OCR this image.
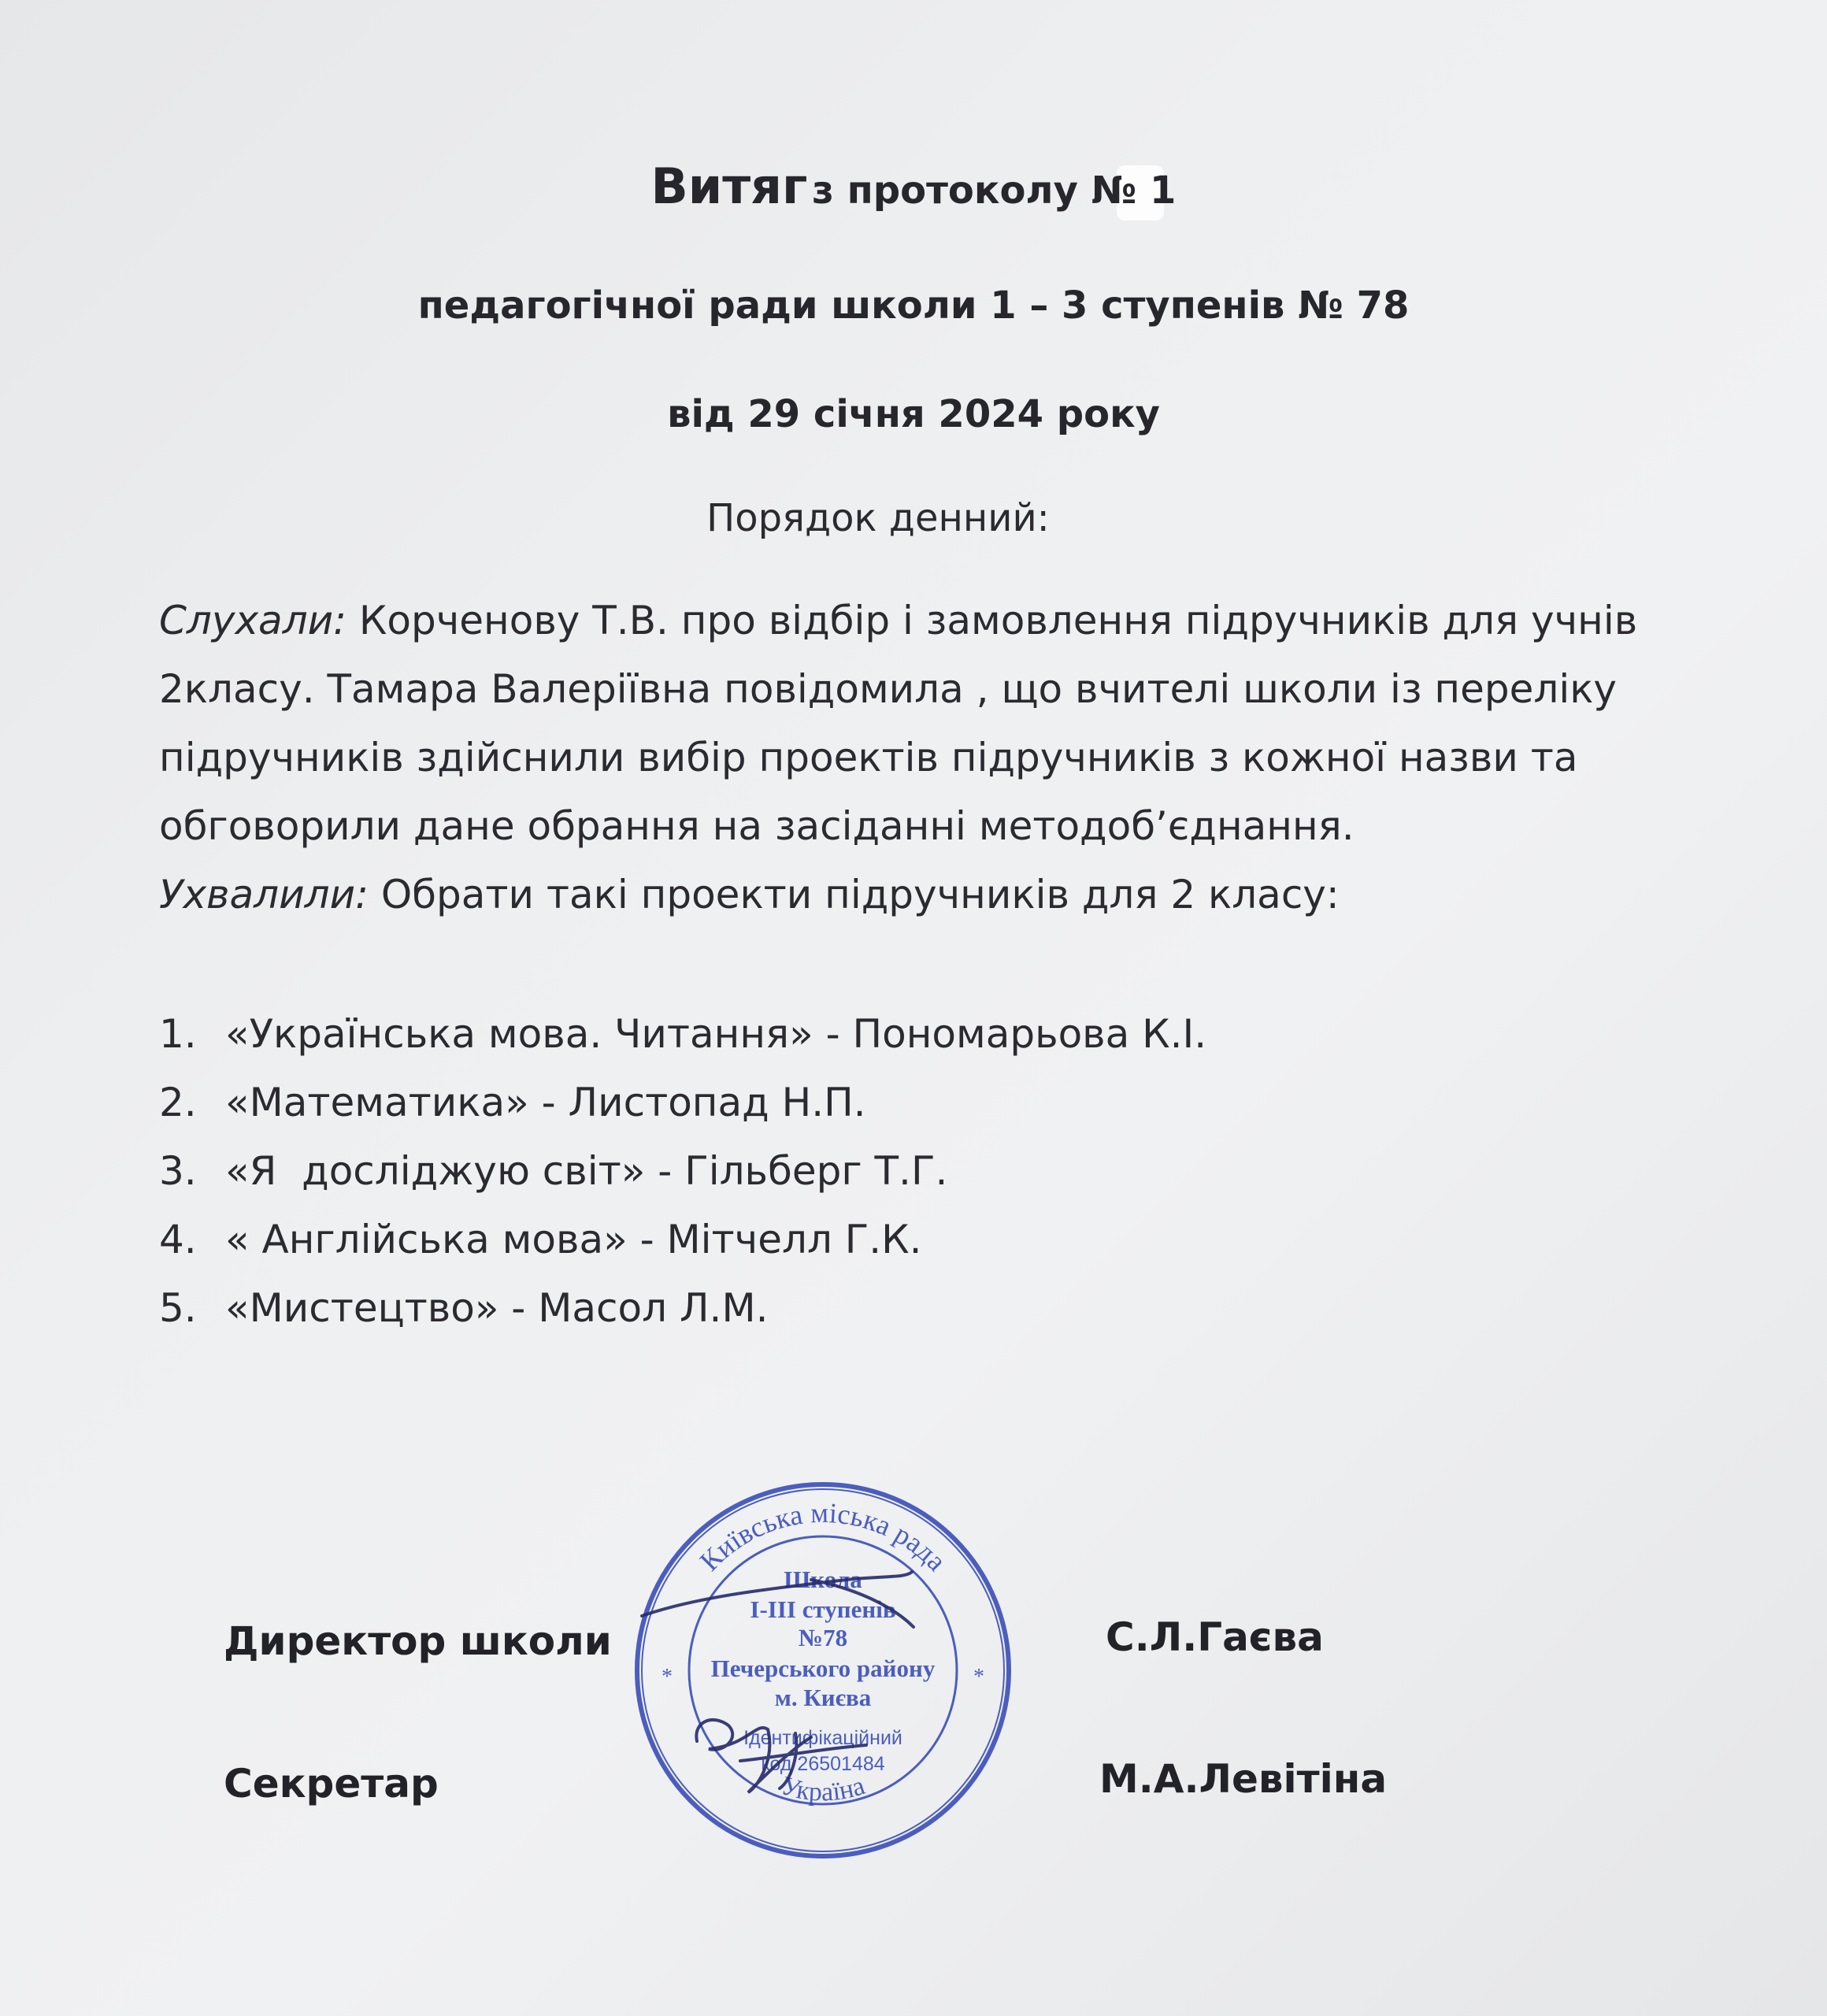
Витяг з протоколу № 1
педагогічної ради школи 1 – 3 ступенів № 78
від 29 січня 2024 року
Порядок денний:

Слухали: Корченову Т.В. про відбір і замовлення підручників для учнів
2класу. Тамара Валеріївна повідомила , що вчителі школи із переліку
підручників здійснили вибір проектів підручників з кожної назви та
обговорили дане обрання на засіданні методоб’єднання.

Ухвалили: Обрати такі проекти підручників для 2 класу:

1. «Українська мова. Читання» - Пономарьова К.І.
2. «Математика» - Листопад Н.П.
3. «Я  досліджую світ» - Гільберг Т.Г.
4. « Англійська мова» - Мітчелл Г.К.
5. «Мистецтво» - Масол Л.М.
Директор школи	С.Л.Гаєва
Секретар	М.А.Левітіна
Київська міська рада
Україна
*	*
Школа
І-ІІІ ступенів
№78
Печерського району
м. Києва
Ідентифікаційний
код 26501484
